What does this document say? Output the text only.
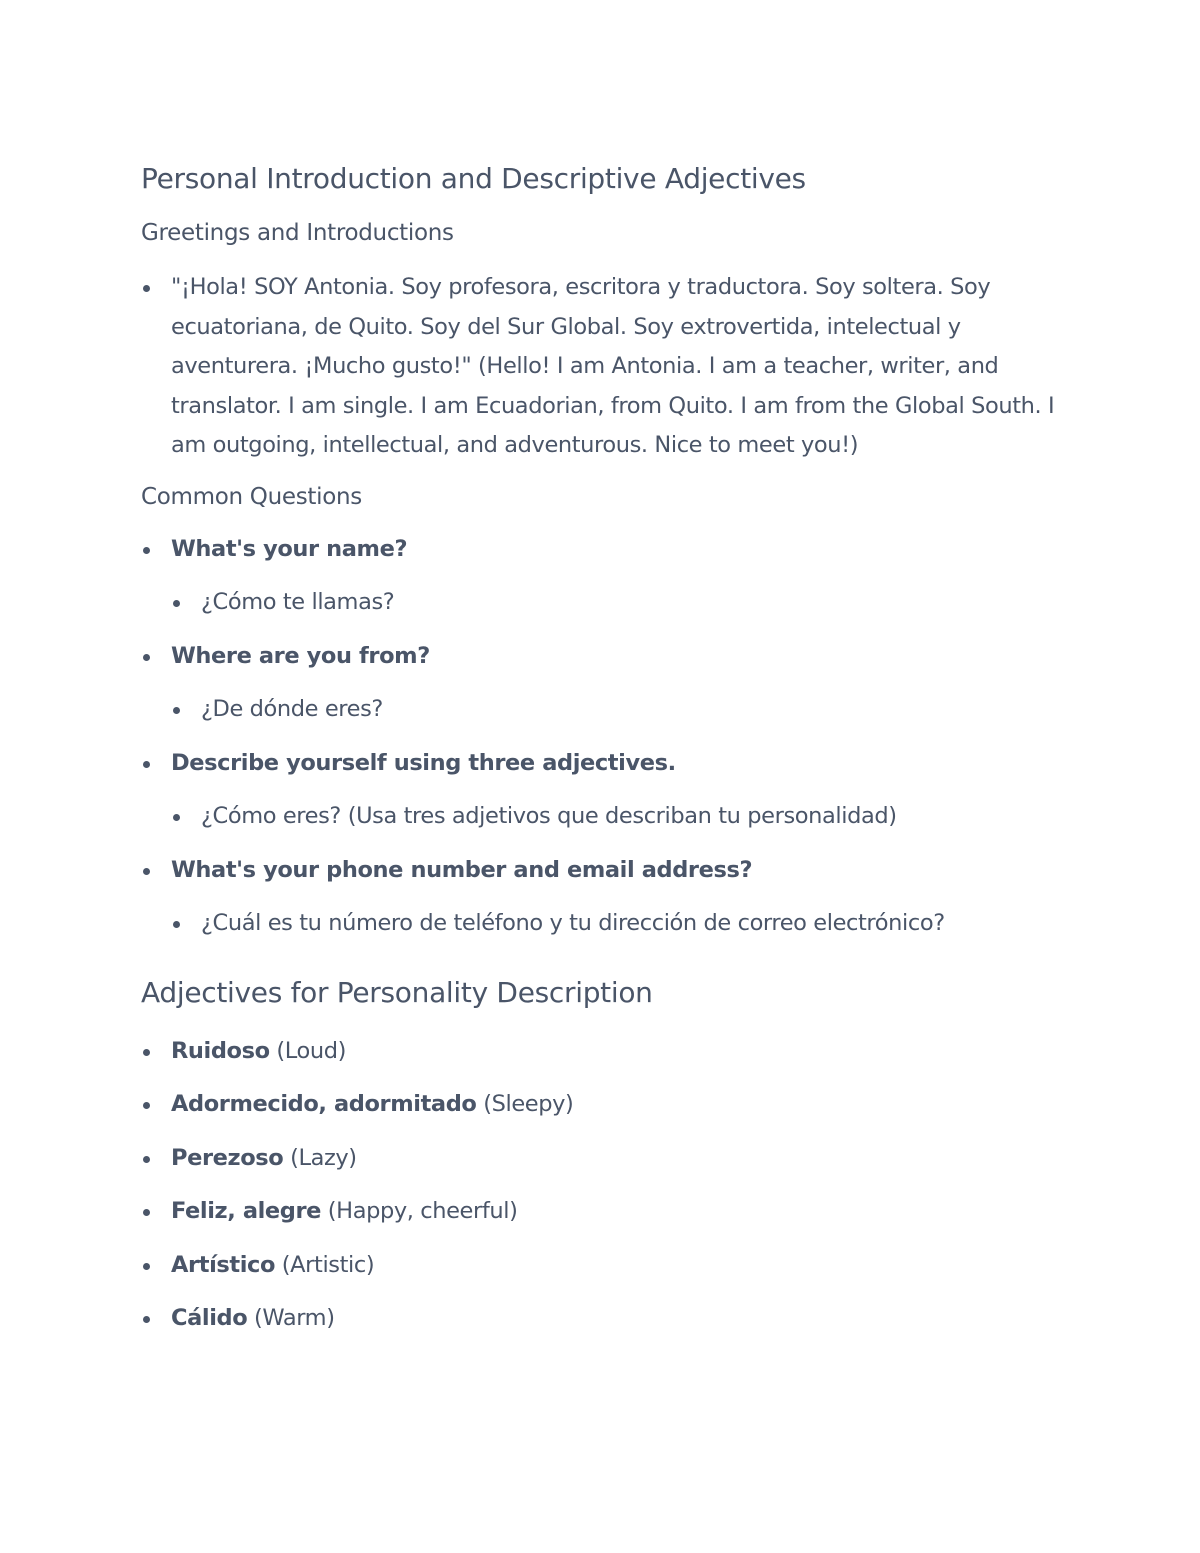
Personal Introduction and Descriptive Adjectives
Greetings and Introductions
"¡Hola! SOY Antonia. Soy profesora, escritora y traductora. Soy soltera. Soy ecuatoriana, de Quito. Soy del Sur Global. Soy extrovertida, intelectual y aventurera. ¡Mucho gusto!" (Hello! I am Antonia. I am a teacher, writer, and translator. I am single. I am Ecuadorian, from Quito. I am from the Global South. I am outgoing, intellectual, and adventurous. Nice to meet you!)
Common Questions
What's your name?
¿Cómo te llamas?
Where are you from?
¿De dónde eres?
Describe yourself using three adjectives.
¿Cómo eres? (Usa tres adjetivos que describan tu personalidad)
What's your phone number and email address?
¿Cuál es tu número de teléfono y tu dirección de correo electrónico?
Adjectives for Personality Description
Ruidoso (Loud)
Adormecido, adormitado (Sleepy)
Perezoso (Lazy)
Feliz, alegre (Happy, cheerful)
Artístico (Artistic)
Cálido (Warm)
